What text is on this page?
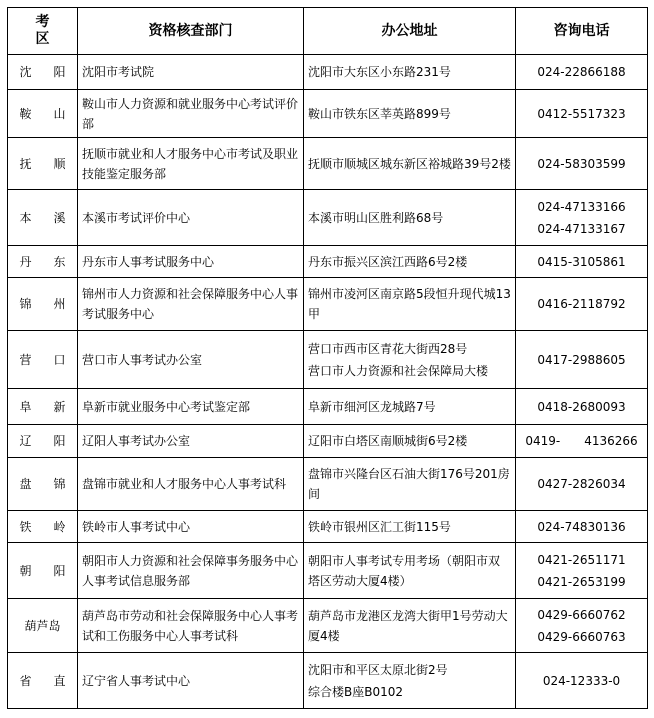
考
区	资格核查部门	办公地址	咨询电话
沈 阳	沈阳市考试院	沈阳市大东区小东路231号	024-22866188

鞍 山	鞍山市人力资源和就业服务中心考试评价部	鞍山市铁东区莘英路899号	0412-5517323

抚 顺	抚顺市就业和人才服务中心市考试及职业技能鉴定服务部	抚顺市顺城区城东新区裕城路39号2楼	024-58303599

本 溪	本溪市考试评价中心	本溪市明山区胜利路68号	024-47133166
024-47133167

丹 东	丹东市人事考试服务中心	丹东市振兴区滨江西路6号2楼	0415-3105861

锦 州	锦州市人力资源和社会保障服务中心人事考试服务中心	锦州市凌河区南京路5段恒升现代城13甲	0416-2118792

营 口	营口市人事考试办公室	营口市西市区青花大街西28号
营口市人力资源和社会保障局大楼	0417-2988605

阜 新	阜新市就业服务中心考试鉴定部	阜新市细河区龙城路7号	0418-2680093

辽 阳	辽阳人事考试办公室	辽阳市白塔区南顺城街6号2楼	0419-　　4136266

盘 锦	盘锦市就业和人才服务中心人事考试科	盘锦市兴隆台区石油大街176号201房间	0427-2826034

铁 岭	铁岭市人事考试中心	铁岭市银州区汇工街115号	024-74830136

朝 阳	朝阳市人力资源和社会保障事务服务中心人事考试信息服务部	朝阳市人事考试专用考场（朝阳市双塔区劳动大厦4楼）	0421-2651171
0421-2653199

葫芦岛	葫芦岛市劳动和社会保障服务中心人事考试和工伤服务中心人事考试科	葫芦岛市龙港区龙湾大街甲1号劳动大厦4楼	0429-6660762
0429-6660763

省 直	辽宁省人事考试中心	沈阳市和平区太原北街2号
综合楼B座B0102	024-12333-0
